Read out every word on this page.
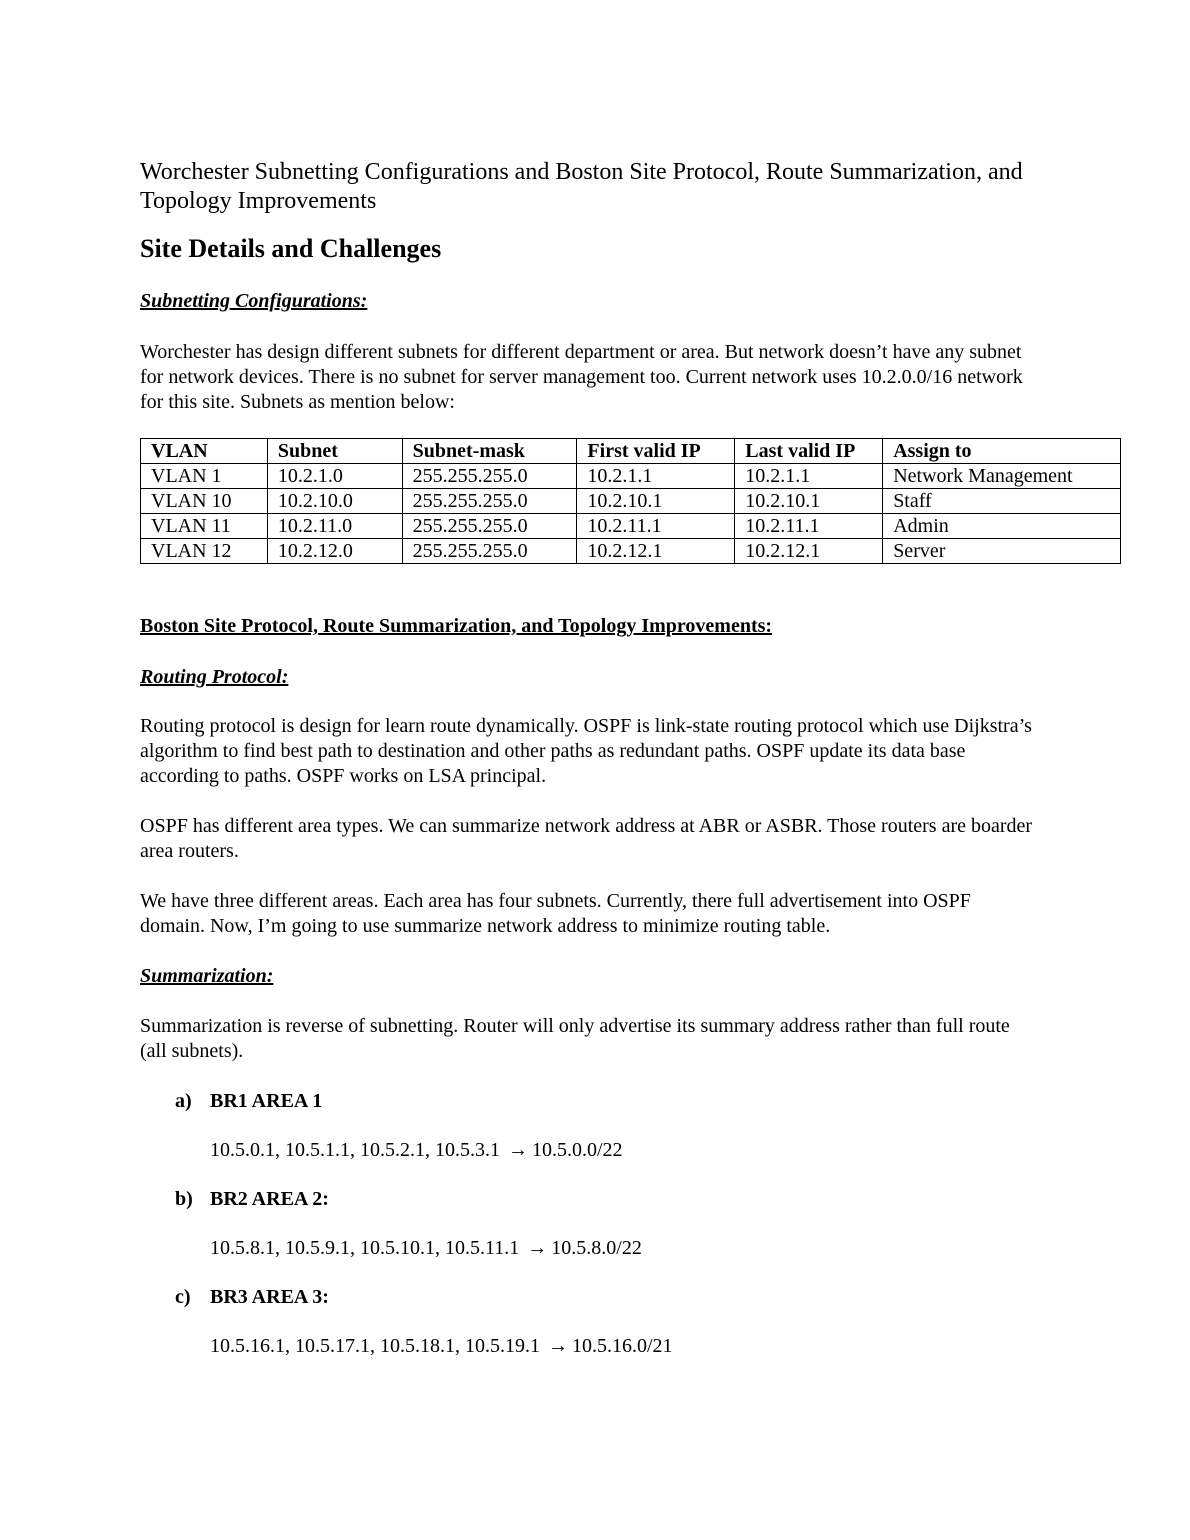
Worchester Subnetting Configurations and Boston Site Protocol, Route Summarization, and Topology Improvements

Site Details and Challenges

Subnetting Configurations:

Worchester has design different subnets for different department or area. But network doesn’t have any subnet for network devices. There is no subnet for server management too. Current network uses 10.2.0.0/16 network for this site. Subnets as mention below:

VLAN	Subnet	Subnet-mask	First valid IP	Last valid IP	Assign to
VLAN 1	10.2.1.0	255.255.255.0	10.2.1.1	10.2.1.1	Network Management
VLAN 10	10.2.10.0	255.255.255.0	10.2.10.1	10.2.10.1	Staff
VLAN 11	10.2.11.0	255.255.255.0	10.2.11.1	10.2.11.1	Admin
VLAN 12	10.2.12.0	255.255.255.0	10.2.12.1	10.2.12.1	Server

Boston Site Protocol, Route Summarization, and Topology Improvements:

Routing Protocol:

Routing protocol is design for learn route dynamically. OSPF is link-state routing protocol which use Dijkstra’s algorithm to find best path to destination and other paths as redundant paths. OSPF update its data base according to paths. OSPF works on LSA principal.

OSPF has different area types. We can summarize network address at ABR or ASBR. Those routers are boarder area routers.

We have three different areas. Each area has four subnets. Currently, there full advertisement into OSPF domain. Now, I’m going to use summarize network address to minimize routing table.

Summarization:

Summarization is reverse of subnetting. Router will only advertise its summary address rather than full route (all subnets).

a) BR1 AREA 1

10.5.0.1, 10.5.1.1, 10.5.2.1, 10.5.3.1 → 10.5.0.0/22

b) BR2 AREA 2:

10.5.8.1, 10.5.9.1, 10.5.10.1, 10.5.11.1 → 10.5.8.0/22

c) BR3 AREA 3:

10.5.16.1, 10.5.17.1, 10.5.18.1, 10.5.19.1 → 10.5.16.0/21
